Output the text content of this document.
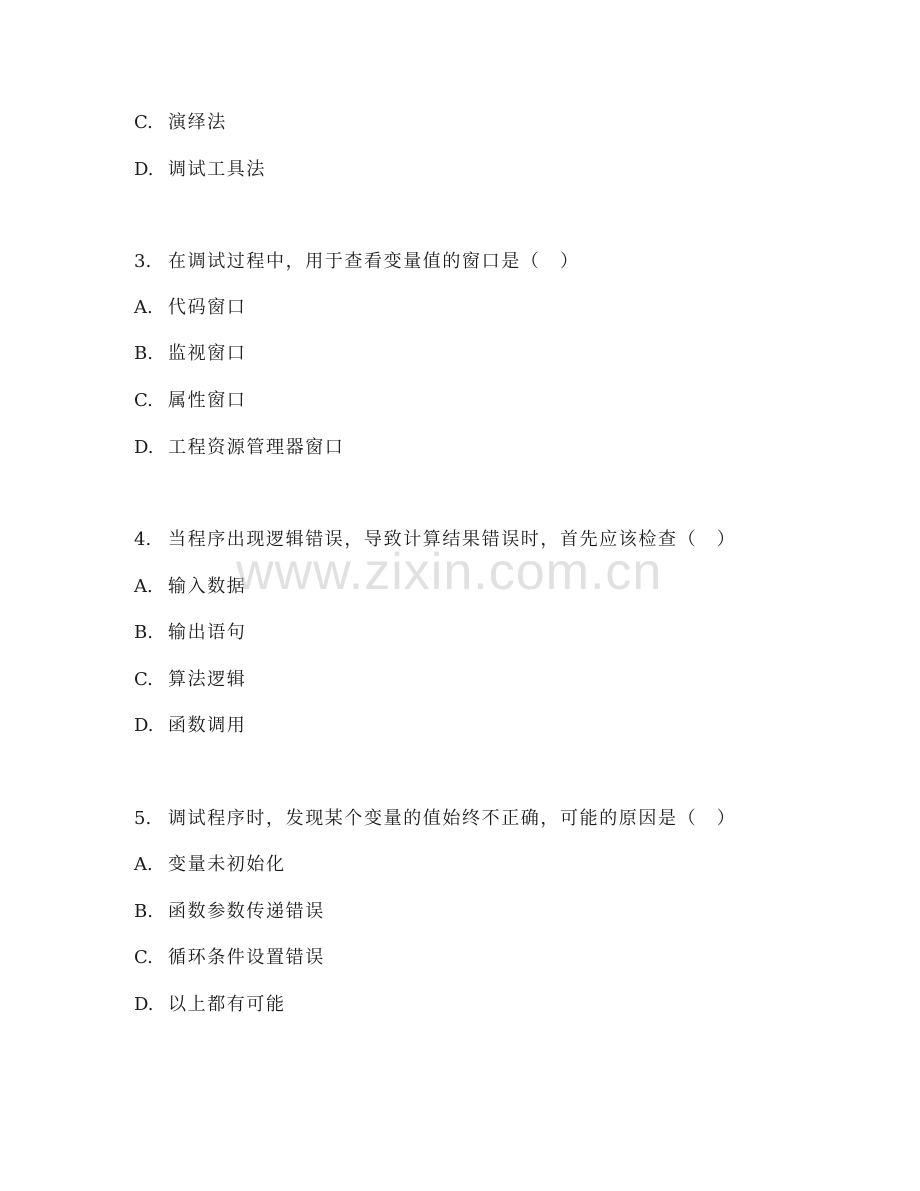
C. 演绎法
D. 调试工具法
3. 在调试过程中，用于查看变量值的窗口是（　）
A. 代码窗口
B. 监视窗口
C. 属性窗口
D. 工程资源管理器窗口
4. 当程序出现逻辑错误，导致计算结果错误时，首先应该检查（　）
A. 输入数据
B. 输出语句
C. 算法逻辑
D. 函数调用
5. 调试程序时，发现某个变量的值始终不正确，可能的原因是（　）
A. 变量未初始化
B. 函数参数传递错误
C. 循环条件设置错误
D. 以上都有可能
www.zixin.com.cn
